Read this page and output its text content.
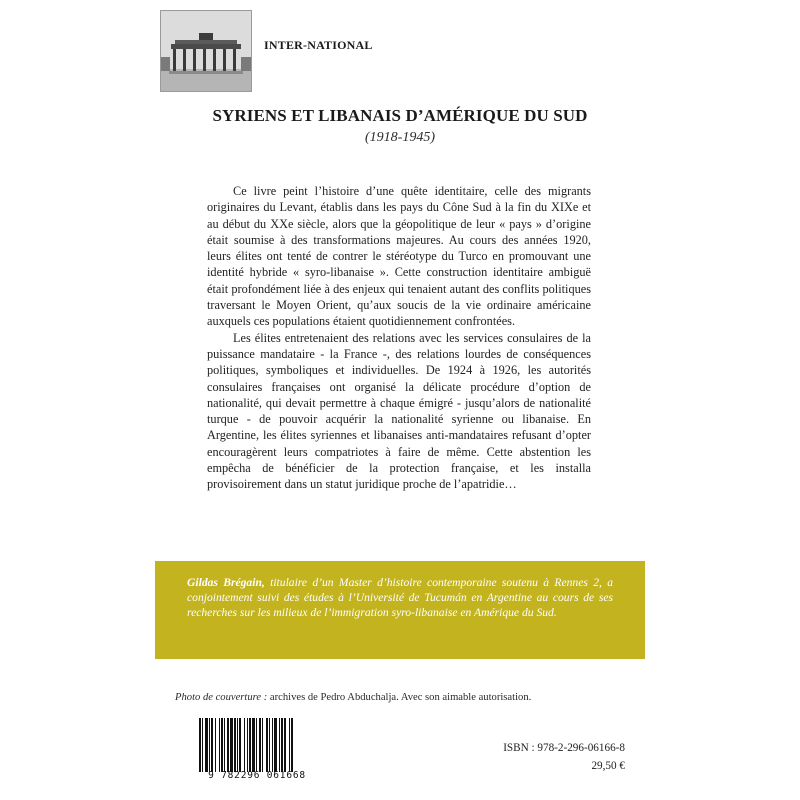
INTER-NATIONAL
SYRIENS ET LIBANAIS D’AMÉRIQUE DU SUD
(1918-1945)

Ce livre peint l’histoire d’une quête identitaire, celle des migrants originaires du Levant, établis dans les pays du Cône Sud à la fin du XIXe et au début du XXe siècle, alors que la géopolitique de leur « pays » d’origine était soumise à des transformations majeures. Au cours des années 1920, leurs élites ont tenté de contrer le stéréotype du Turco en promouvant une identité hybride « syro-libanaise ». Cette construction identitaire ambiguë était profondément liée à des enjeux qui tenaient autant des conflits politiques traversant le Moyen Orient, qu’aux soucis de la vie ordinaire américaine auxquels ces populations étaient quotidiennement confrontées.

Les élites entretenaient des relations avec les services consulaires de la puissance mandataire - la France -, des relations lourdes de conséquences politiques, symboliques et individuelles. De 1924 à 1926, les autorités consulaires françaises ont organisé la délicate procédure d’option de nationalité, qui devait permettre à chaque émigré - jusqu’alors de nationalité turque - de pouvoir acquérir la nationalité syrienne ou libanaise. En Argentine, les élites syriennes et libanaises anti-mandataires refusant d’opter encouragèrent leurs compatriotes à faire de même. Cette abstention les empêcha de bénéficier de la protection française, et les installa provisoirement dans un statut juridique proche de l’apatridie…

Gildas Brégain, titulaire d’un Master d’histoire contemporaine soutenu à Rennes 2, a conjointement suivi des études à l’Université de Tucumán en Argentine au cours de ses recherches sur les milieux de l’immigration syro-libanaise en Amérique du Sud.
Photo de couverture : archives de Pedro Abduchalja. Avec son aimable autorisation.
9 782296 061668
ISBN : 978-2-296-06166-8
29,50 €
